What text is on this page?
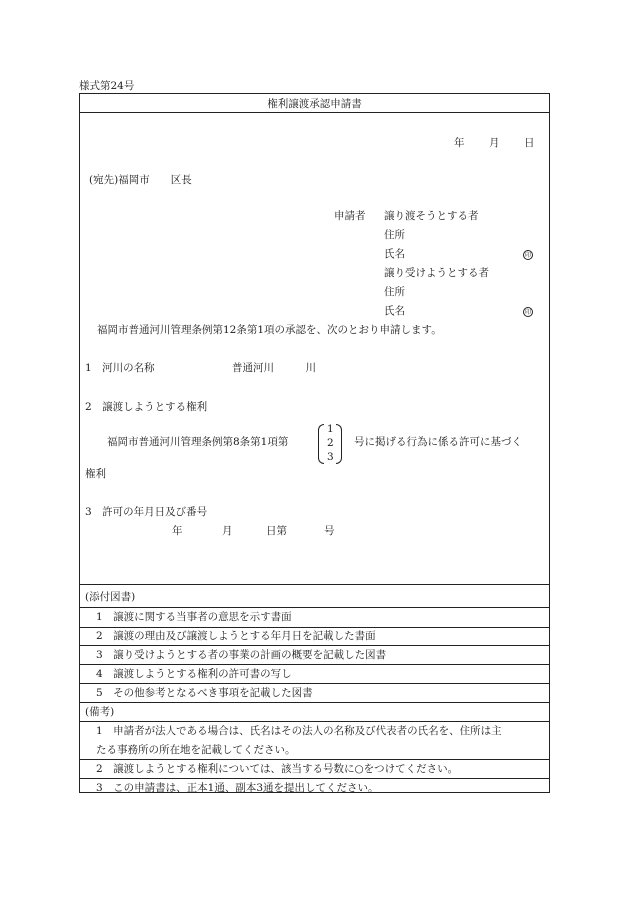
様式第24号
権利譲渡承認申請書
年 月 日
(宛先)福岡市　　区長
申請者 譲り渡そうとする者
住所
氏名	印
譲り受けようとする者
住所
氏名	印
福岡市普通河川管理条例第12条第1項の承認を、次のとおり申請します。
1　河川の名称	普通河川　　　川
2　譲渡しようとする権利
福岡市普通河川管理条例第8条第1項第
1
2
3
号に掲げる行為に係る許可に基づく
権利
3　許可の年月日及び番号
年	月	日第	号
(添付図書)
1　譲渡に関する当事者の意思を示す書面
2　譲渡の理由及び譲渡しようとする年月日を記載した書面
3　譲り受けようとする者の事業の計画の概要を記載した図書
4　譲渡しようとする権利の許可書の写し
5　その他参考となるべき事項を記載した図書
(備考)
1　申請者が法人である場合は、氏名はその法人の名称及び代表者の氏名を、住所は主
たる事務所の所在地を記載してください。
2　譲渡しようとする権利については、該当する号数に○をつけてください。
3　この申請書は、正本1通、副本3通を提出してください。
